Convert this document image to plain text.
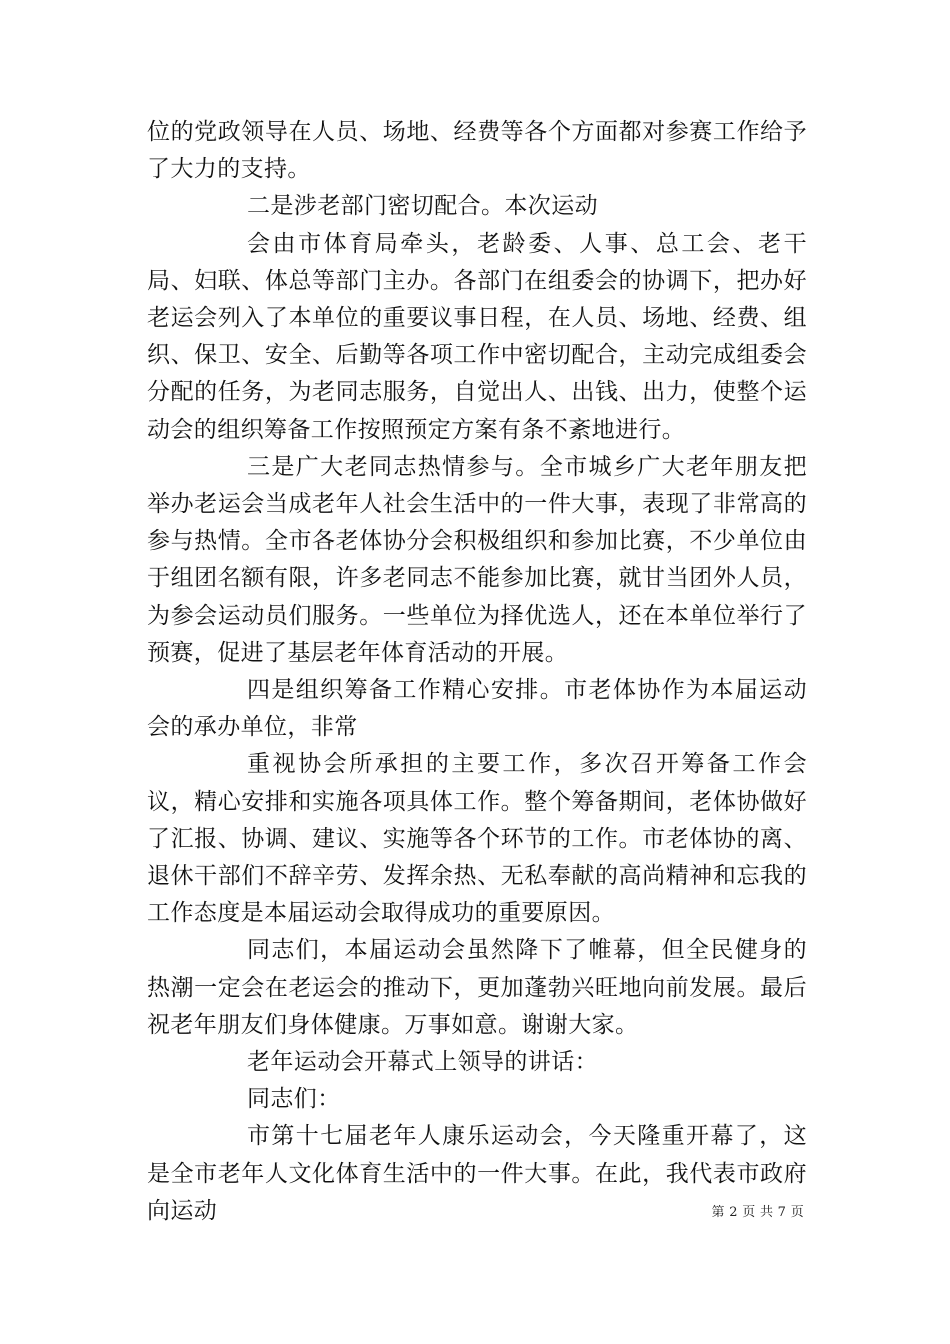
位的党政领导在人员、场地、经费等各个方面都对参赛工作给予了大力的支持。

二是涉老部门密切配合。本次运动

会由市体育局牵头，老龄委、人事、总工会、老干局、妇联、体总等部门主办。各部门在组委会的协调下，把办好老运会列入了本单位的重要议事日程，在人员、场地、经费、组织、保卫、安全、后勤等各项工作中密切配合，主动完成组委会分配的任务，为老同志服务，自觉出人、出钱、出力，使整个运动会的组织筹备工作按照预定方案有条不紊地进行。

三是广大老同志热情参与。全市城乡广大老年朋友把举办老运会当成老年人社会生活中的一件大事，表现了非常高的参与热情。全市各老体协分会积极组织和参加比赛，不少单位由于组团名额有限，许多老同志不能参加比赛，就甘当团外人员，为参会运动员们服务。一些单位为择优选人，还在本单位举行了预赛，促进了基层老年体育活动的开展。

四是组织筹备工作精心安排。市老体协作为本届运动会的承办单位，非常

重视协会所承担的主要工作，多次召开筹备工作会议，精心安排和实施各项具体工作。整个筹备期间，老体协做好了汇报、协调、建议、实施等各个环节的工作。市老体协的离、退休干部们不辞辛劳、发挥余热、无私奉献的高尚精神和忘我的工作态度是本届运动会取得成功的重要原因。

同志们，本届运动会虽然降下了帷幕，但全民健身的热潮一定会在老运会的推动下，更加蓬勃兴旺地向前发展。最后祝老年朋友们身体健康。万事如意。谢谢大家。

老年运动会开幕式上领导的讲话：

同志们：

市第十七届老年人康乐运动会，今天隆重开幕了，这是全市老年人文化体育生活中的一件大事。在此，我代表市政府向运动	第 2 页 共 7 页
